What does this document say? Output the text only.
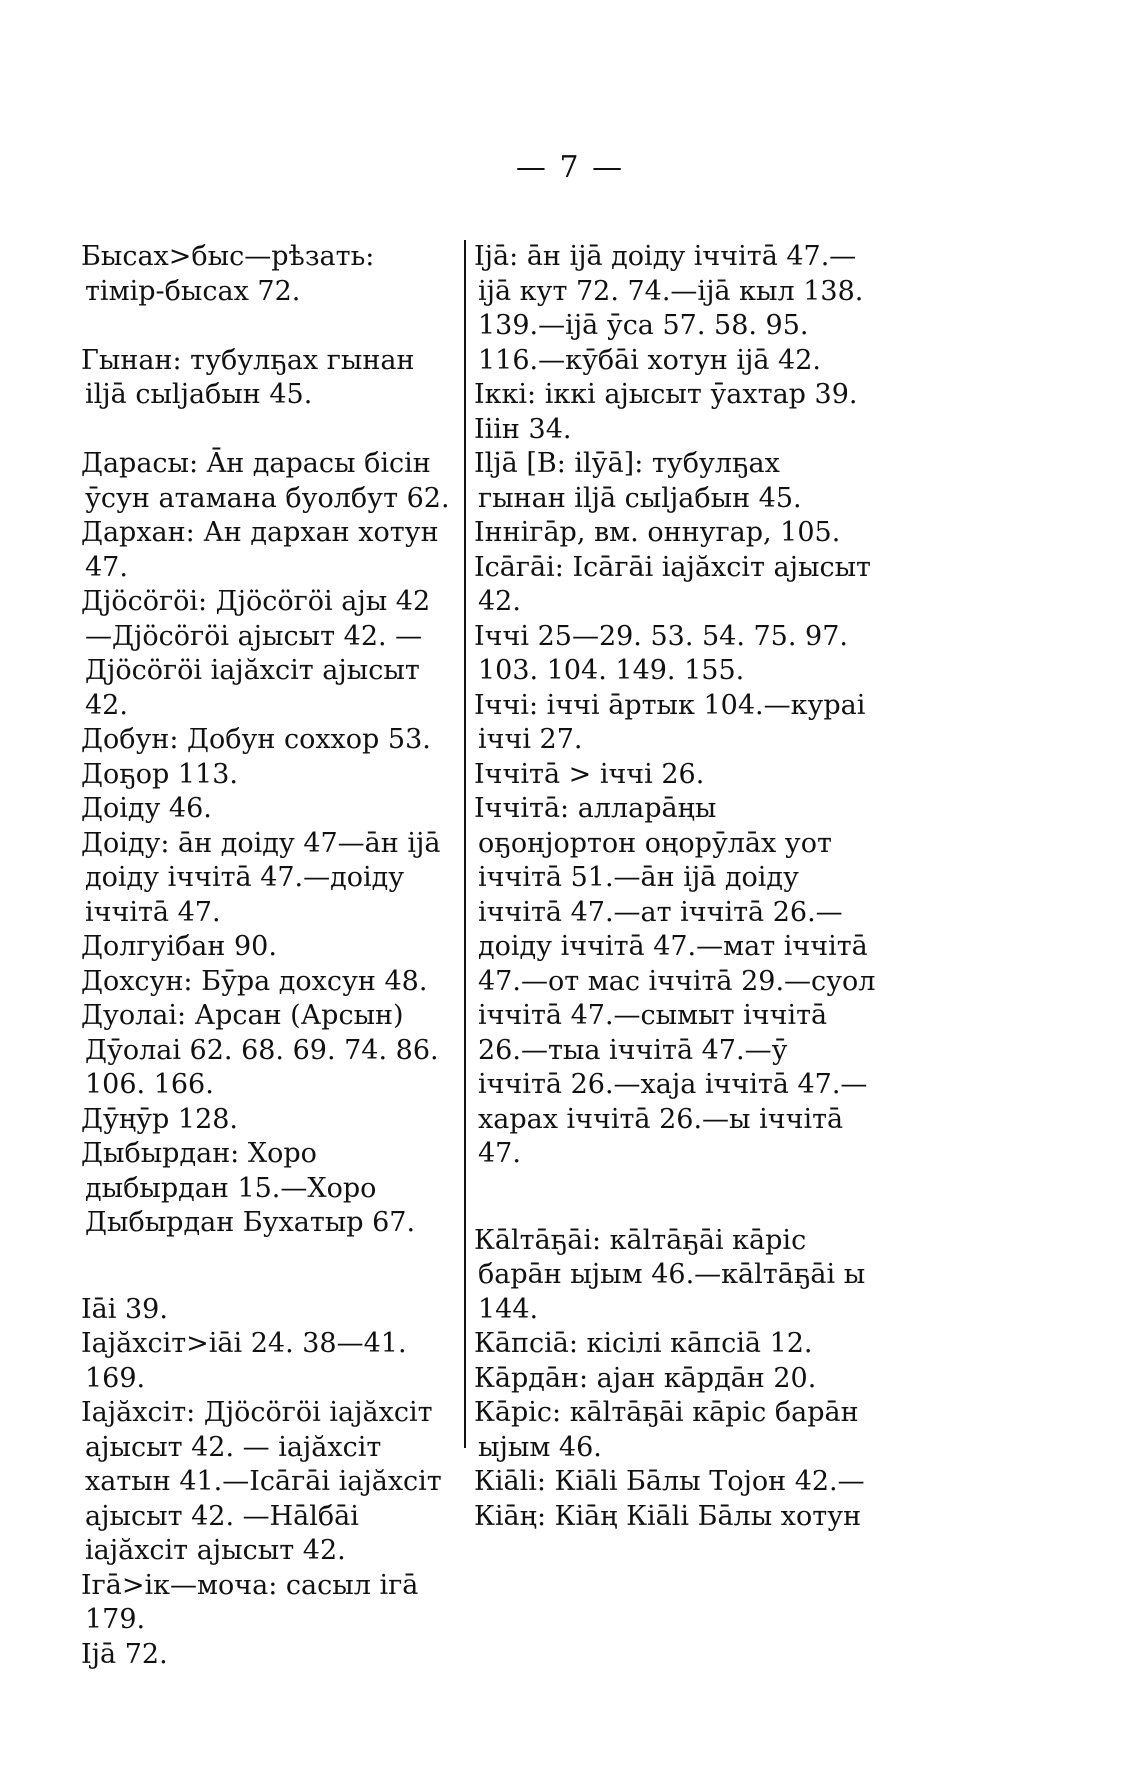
— 7 —
Бысах>быс—рѣзать: тімір-бысах 72.
Гынан: тубулҕах гынан іlјā сыlјабын 45.
Дарасы: Āн дарасы бісін ӯсун атамана буолбут 62.
Дархан: Ан дархан хотун 47.
Дјӧсӧгӧі: Дјӧсӧгӧі ајы 42—Дјӧсӧгӧі ајысыт 42. — Дјӧсӧгӧі іајӑхсіт ајысыт 42.
Добун: Добун соххор 53.
Доҕор 113.
Доіду 46.
Доіду: āн доіду 47—āн іјā доіду іччітā 47.—доіду іччітā 47.
Долгуібан 90.
Дохсун: Бӯра дохсун 48.
Дуолаі: Арсан (Арсын) Дӯолаі 62. 68. 69. 74. 86. 106. 166.
Дӯңӯр 128.
Дыбырдан: Хоро дыбырдан 15.—Хоро Дыбырдан Бухатыр 67.
Іāі 39.
Іајӑхсіт>іāі 24. 38—41. 169.
Іајӑхсіт: Дјӧсӧгӧі іајӑхсіт ајысыт 42. — іајӑхсіт хатын 41.—Ісāгāі іајӑхсіт ајысыт 42. —Нālбāі іајӑхсіт ајысыт 42.
Ігā>ік—моча: сасыл ігā 179.
Іјā 72.
Іјā: āн іјā доіду іччітā 47.—іјā кут 72. 74.—іјā кыл 138. 139.—іјā ӯса 57. 58. 95. 116.—кӯбāі хотун іјā 42.
Іккі: іккі ајысыт ӯахтар 39.
Ііін 34.
Іlјā [В: іlӯā]: тубулҕах гынан іlјā сыlјабын 45.
Іннігāр, вм. оннугар, 105.
Ісāгāі: Ісāгāі іајӑхсіт ајысыт 42.
Іччі 25—29. 53. 54. 75. 97. 103. 104. 149. 155.
Іччі: іччі āртык 104.—кураі іччі 27.
Іччітā > іччі 26.
Іччітā: алларāңы оҕонјортон оңорӯлāх уот іччітā 51.—āн іјā доіду іччітā 47.—ат іччітā 26.—доіду іччітā 47.—мат іччітā 47.—от мас іччітā 29.—суол іччітā 47.—сымыт іччітā 26.—тыа іччітā 47.—ӯ іччітā 26.—хаја іччітā 47.—харах іччітā 26.—ы іччітā 47.
Кālтāҕāі: кālтāҕāі кāріс барāн ыјым 46.—кālтāҕāі ы 144.
Кāпсіā: кісілі кāпсіā 12.
Кāрдāн: ајан кāрдāн 20.
Кāріс: кālтāҕāі кāріс барāн ыјым 46.
Кіālі: Кіālі Бāлы Тојон 42.—
Кіāң: Кіāң Кіālі Бāлы хотун
